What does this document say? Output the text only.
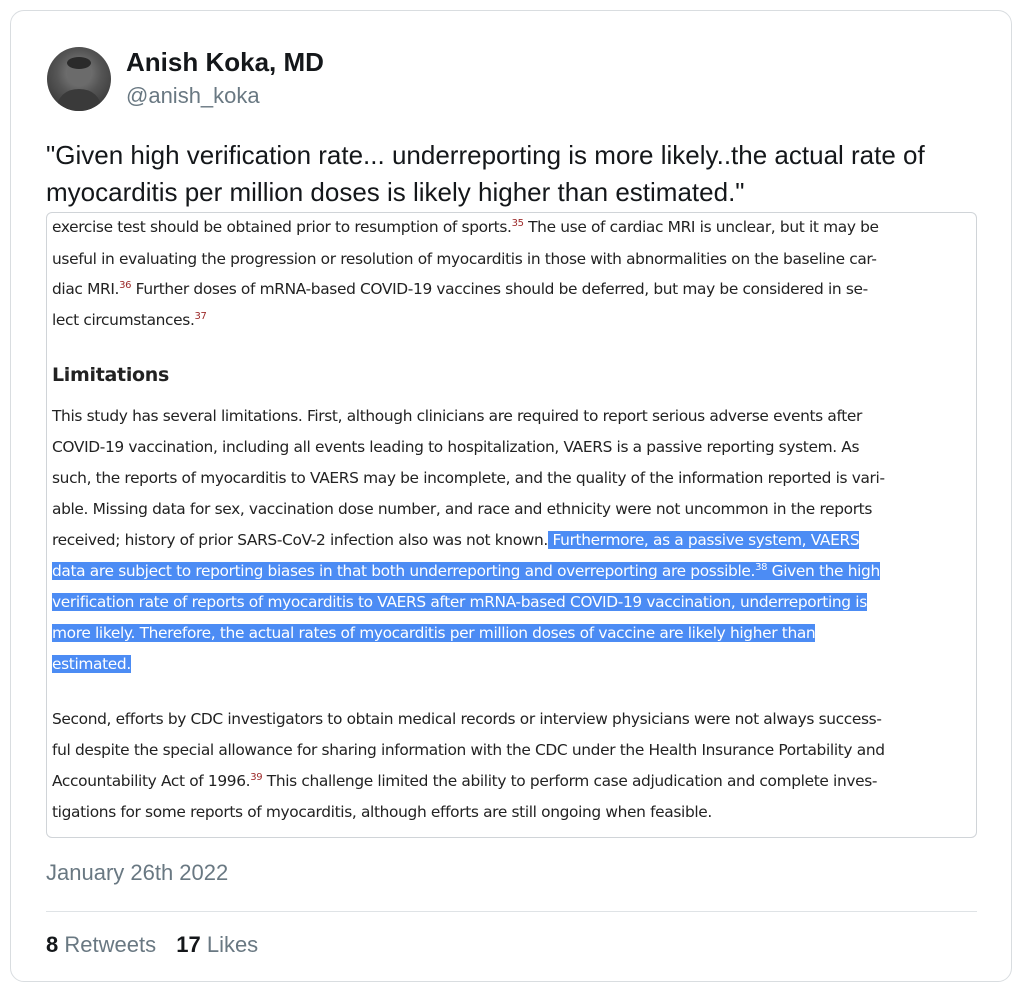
Anish Koka, MD
@anish_koka
"Given high verification rate... underreporting is more likely..the actual rate of myocarditis per million doses is likely higher than estimated."
exercise test should be obtained prior to resumption of sports.$^{35}$ The use of cardiac MRI is unclear, but it may be
useful in evaluating the progression or resolution of myocarditis in those with abnormalities on the baseline car-
diac MRI.$^{36}$ Further doses of mRNA-based COVID-19 vaccines should be deferred, but may be considered in se-
lect circumstances.$^{37}$
Limitations
This study has several limitations. First, although clinicians are required to report serious adverse events after
COVID-19 vaccination, including all events leading to hospitalization, VAERS is a passive reporting system. As
such, the reports of myocarditis to VAERS may be incomplete, and the quality of the information reported is vari-
able. Missing data for sex, vaccination dose number, and race and ethnicity were not uncommon in the reports
received; history of prior SARS-CoV-2 infection also was not known. Furthermore, as a passive system, VAERS
data are subject to reporting biases in that both underreporting and overreporting are possible.$^{38}$ Given the high
verification rate of reports of myocarditis to VAERS after mRNA-based COVID-19 vaccination, underreporting is
more likely. Therefore, the actual rates of myocarditis per million doses of vaccine are likely higher than
estimated.
Second, efforts by CDC investigators to obtain medical records or interview physicians were not always success-
ful despite the special allowance for sharing information with the CDC under the Health Insurance Portability and
Accountability Act of 1996.39 This challenge limited the ability to perform case adjudication and complete inves-
tigations for some reports of myocarditis, although efforts are still ongoing when feasible.
January 26th 2022
8 Retweets 17 Likes
